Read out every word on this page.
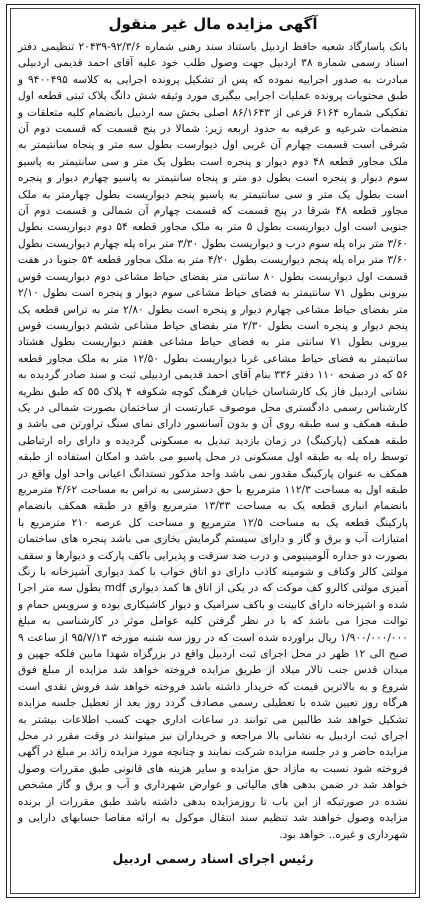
آگهی مزایده مال غیر منقول
بانک پاسارگاد شعبه حافظ اردبیل باستناد سند رهنی شماره ۹۲/۳/۶-۲۰۴۳۹ تنظیمی دفتر اسناد رسمی شماره ۳۸ اردبیل جهت وصول طلب خود علیه آقای احمد قدیمی اردبیلی مبادرت به صدور اجراییه نموده که پس از تشکیل پرونده اجرایی به کلاسه ۹۴۰۰۴۹۵ و طبق محتویات پرونده عملیات اجرایی بیگیری مورد وثیقه شش دانگ پلاک ثبتی قطعه اول تفکیکی شماره ۶۱۶۴ فرعی از ۸۶/۱۶۴۳ اصلی بخش سه اردبیل بانضمام کلیه متعلقات و منضمات شرعیه و عرفیه به حدود اربعه زیر: شمالا در پنج قسمت که قسمت دوم آن شرقی است قسمت چهارم آن غربی اول دیوارست بطول سه متر و پنجاه سانتیمتر به ملک مجاور قطعه ۴۸ دوم دیوار و پنجره است بطول یک متر و سی سانتیمتر به پاسیو سوم دیوار و پنجره است بطول دو متر و پنجاه سانتیمتر به پاسیو چهارم دیوار و پنجره است بطول یک متر و سی سانتیمتر به پاسیو پنجم دیواریست بطول چهارمتر به ملک مجاور قطعه ۴۸ شرقا در پنج قسمت که قسمت چهارم آن شمالی و قسمت دوم آن جنوبی است اول دیواریست بطول ۵ متر به ملک مجاور قطعه ۵۴ دوم دیواریست بطول ۳/۶۰ متر براه پله سوم درب و دیواریست بطول ۳/۳۰ متر براه پله چهارم دیواریست بطول ۳/۶۰ متر براه پله پنجم دیواریست بطول ۴/۲۰ متر به ملک مجاور قطعه ۵۴ جنوبا در هفت قسمت اول دیواریست بطول ۸۰ سانتی متر بفضای حیاط مشاعی دوم دیواریست قوس بیرونی بطول ۷۱ سانتیمتر به فضای حیاط مشاعی سوم دیوار و پنجره است بطول ۲/۱۰ متر بفضای حیاط مشاعی چهارم دیوار و پنجره است بطول ۲/۸۰ متر به تراس قطعه یک پنجم دیوار و پنجره است بطول ۲/۳۰ متر بفضای حیاط مشاعی ششم دیواریست قوس بیرونی بطول ۷۱ سانتی متر به فضای حیاط مشاعی هفتم دیواریست بطول هشتاد سانتیمتر به فضای حیاط مشاعی غربا دیواریست بطول ۱۲/۵۰ متر به ملک مجاور قطعه ۵۶ که در صفحه ۱۱۰ دفتر ۳۳۶ بنام آقای احمد قدیمی اردبیلی ثبت و سند صادر گردیده به نشانی اردبیل فاز یک کارشناسان خیابان فرهنگ کوچه شکوفه ۴ پلاک ۵۵ که طبق نظریه کارشناس رسمی دادگستری محل موصوف عبارتست از ساختمان بصورت شمالی در یک طبقه همکف و سه طبقه روی آن و بدون آسانسور دارای نمای سنگ تراورتن می باشد و طبقه همکف (پارکینگ) در زمان بازدید تبدیل به مسکونی گردیده و دارای راه ارتباطی توسط راه پله به طبقه اول مسکونی در محل پاسیو می باشد و امکان استفاده از طبقه همکف به عنوان پارکینگ مقدور نمی باشد واحد مذکور تستدانگ اعیانی واحد اول واقع در طبقه اول به مساحت ۱۱۲/۳ مترمربع با حق دسترسی به تراس به مساحت ۴/۶۲ مترمربع بانضمام انباری قطعه یک به مساحت ۱۳/۳۳ مترمربع واقع در طبقه همکف بانضمام پارکینگ قطعه یک به مساحت ۱۲/۵ مترمربع و مساحت کل عرصه ۲۱۰ مترمربع با امتیازات آب و برق و گاز و دارای سیستم گرمایش بخاری می باشد پنجره های ساختمان بصورت دو جداره آلومینیومی و درب ضد سرقت و پذیرایی باکف پارکت و دیوارها و سقف مولتی کالر وکناف و شومینه کاذب دارای دو اتاق خواب با کمد دیواری آشپزخانه با رنگ آمیزی مولتی کالرو کف موکت که در یکی از اتاق ها کمد دیواری mdf بطول سه متر اجرا شده و اشپزخانه دارای کابینت و باکف سرامیک و دیوار کاشیکاری بوده و سرویس حمام و توالت مجزا می باشد که با در نظر گرفتن کلیه عوامل موثر در کارشناسی به مبلغ ۱/۹۰۰/۰۰۰/۰۰۰ ریال براورده شده است که در روز سه شنبه مورخه ۹۵/۷/۱۳ از ساعت ۹ صبح الی ۱۲ ظهر در محل اجرای ثبت اردبیل واقع در بزرگراه شهدا مابین فلکه جهین و میدان قدس جنب تالار میلاد از طریق مزایده فروخته خواهد شد مزایده از مبلغ فوق شروع و به بالاترین قیمت که خریدار داشته باشد فروخته خواهد شد فروش نقدی است هرگاه روز تعیین شده با تعطیلی رسمی مصادف گردد روز بعد از تعطیل جلسه مزایده تشکیل خواهد شد طالبین می توانند در ساعات اداری جهت کسب اطلاعات بیشتر به اجرای ثبت اردبیل به نشانی بالا مراجعه و خریداران نیز میتوانند در وقت مقرر در محل مزایده حاضر و در جلسه مزایده شرکت نمایند و چنانچه مورد مزایده زائد بر مبلغ در آگهی فروخته شود نسبت به مازاد حق مزایده و سایر هزینه های قانونی طبق مقررات وصول خواهد شد در ضمن بدهی های مالیاتی و عوارض شهرداری و آب و برق و گاز مشخص نشده در صورتیکه از این باب تا روزمزایده بدهی داشته باشد طبق مقررات از برنده مزایده وصول خواهند شد تنظیم سند انتقال موکول به ارائه مفاصا حسابهای دارایی و شهرداری و غیره.. خواهد بود.
رئیس اجرای اسناد رسمی اردبیل
